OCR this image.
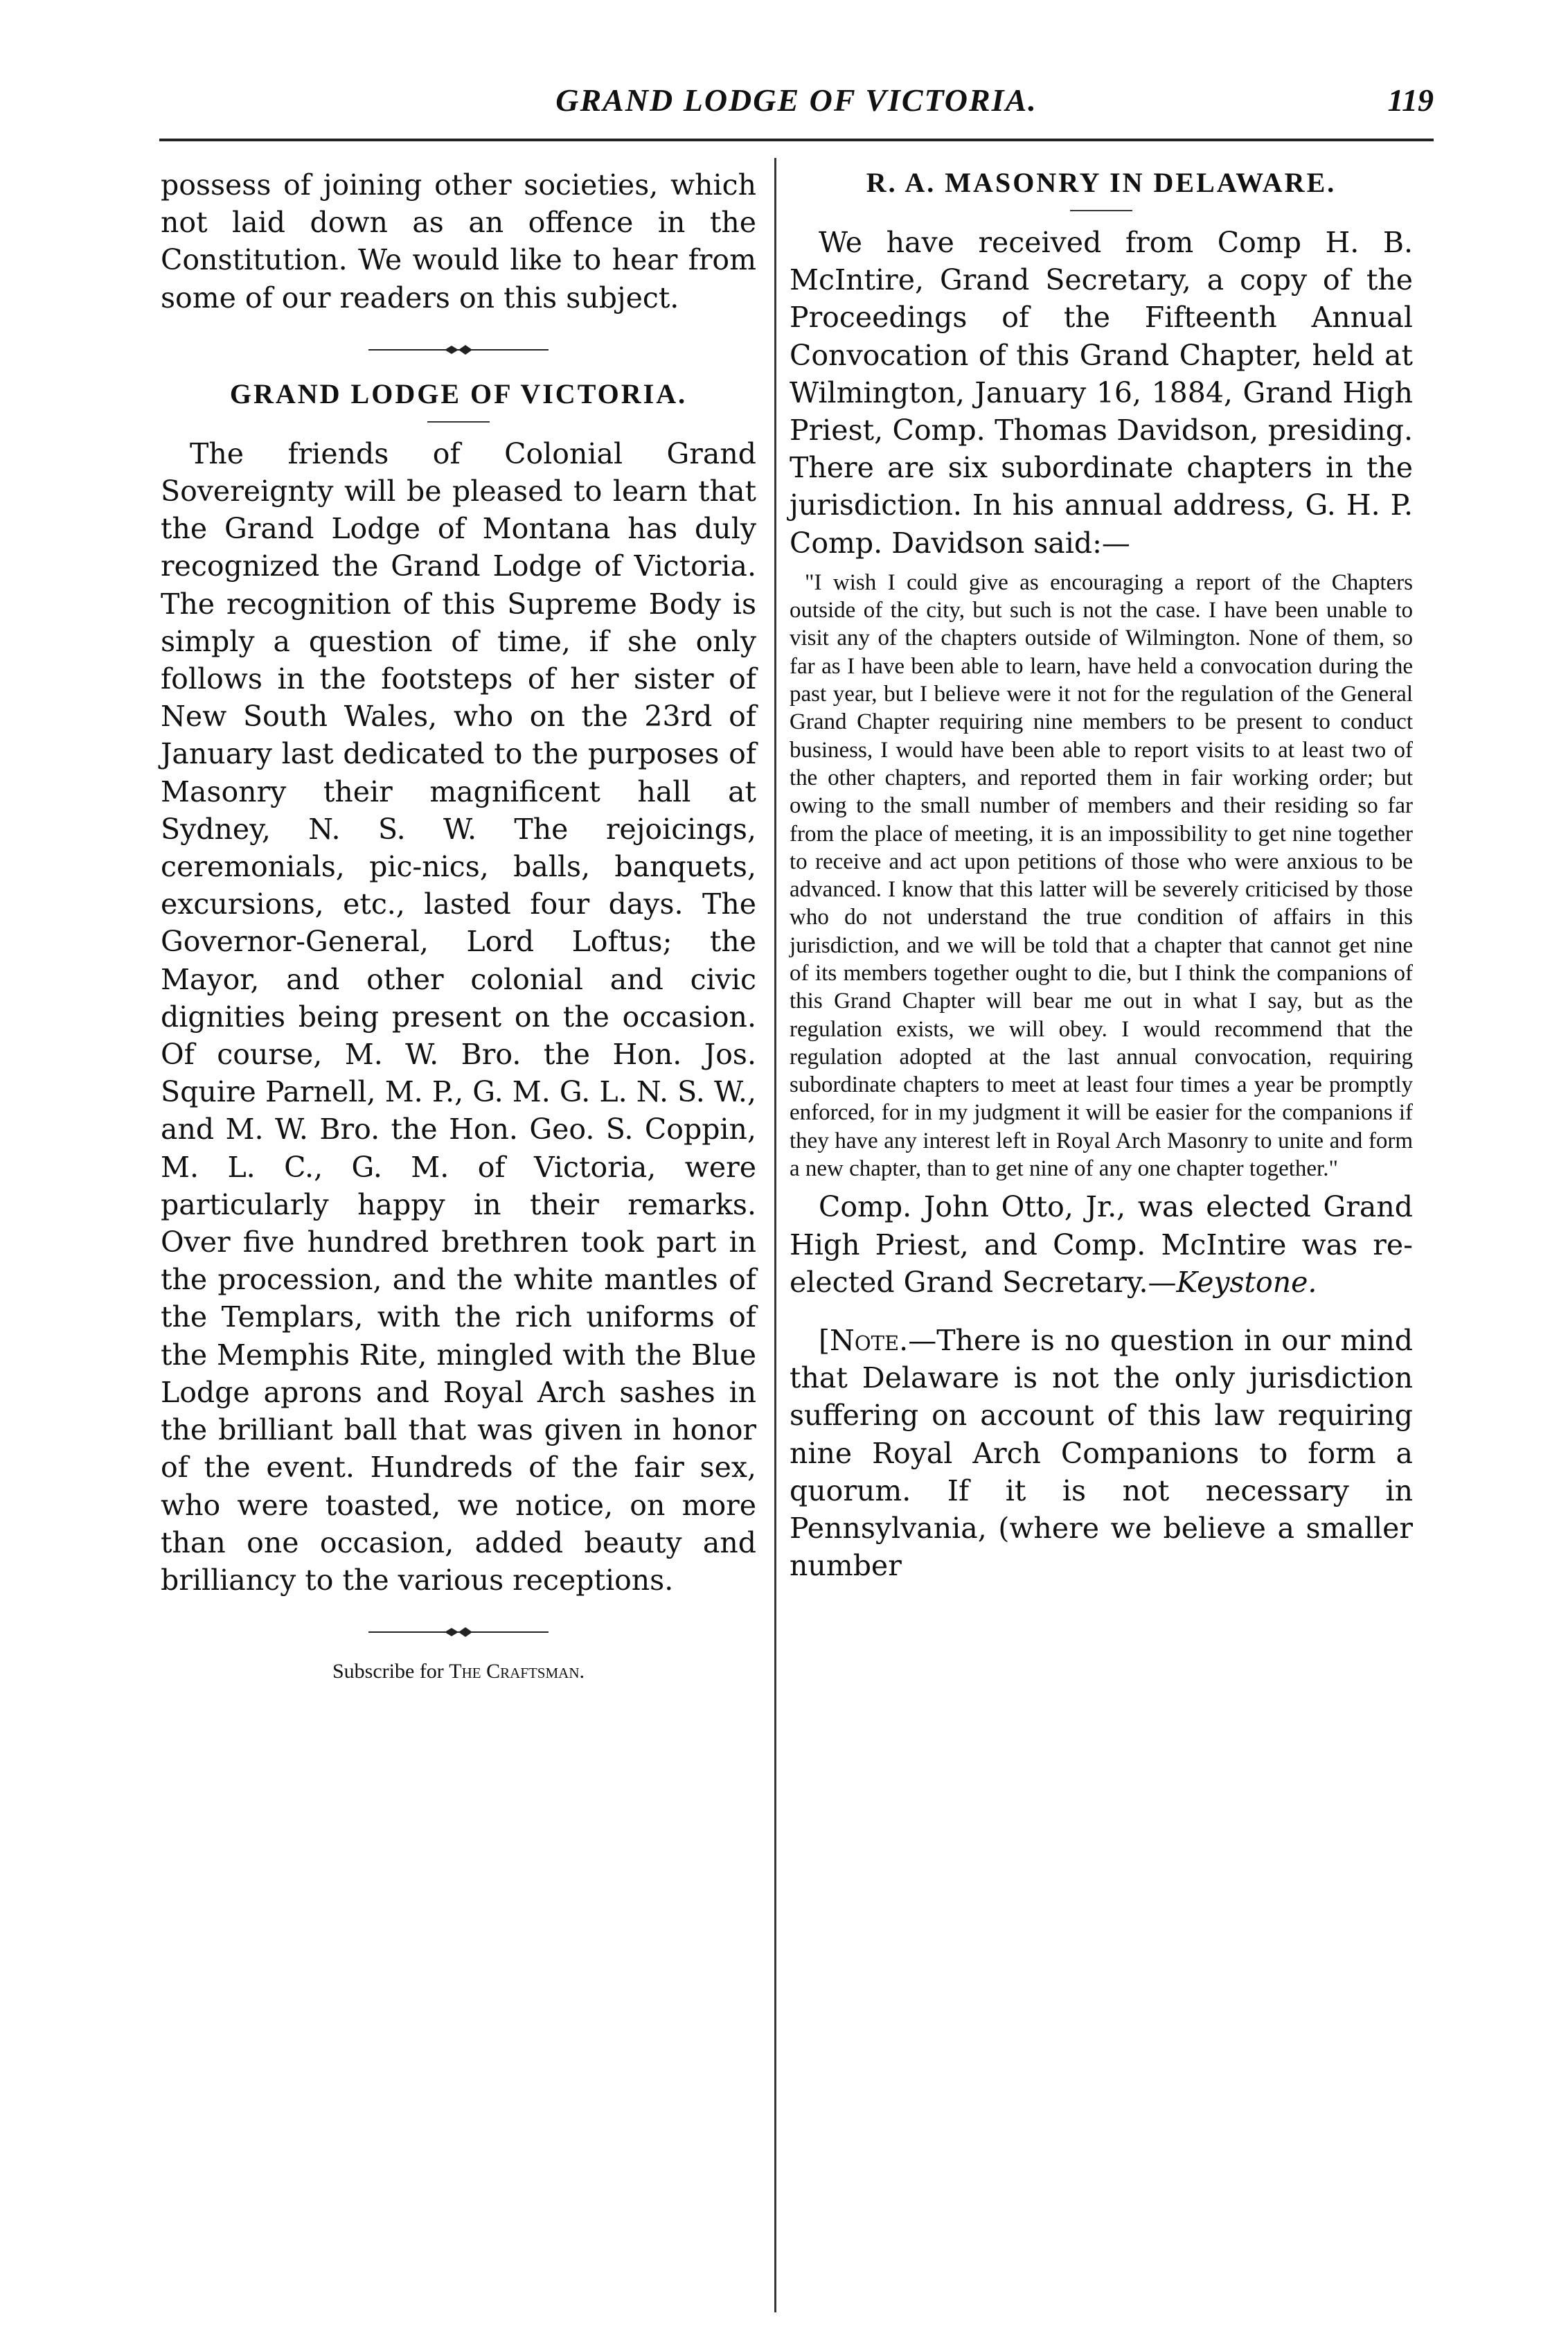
GRAND LODGE OF VICTORIA.	119

possess of joining other societies, which not laid down as an offence in the Constitution. We would like to hear from some of our readers on this subject.

GRAND LODGE OF VICTORIA.

The friends of Colonial Grand Sovereignty will be pleased to learn that the Grand Lodge of Montana has duly recognized the Grand Lodge of Victoria. The recognition of this Supreme Body is simply a question of time, if she only follows in the footsteps of her sister of New South Wales, who on the 23rd of January last dedicated to the purposes of Masonry their magnificent hall at Sydney, N. S. W. The rejoicings, ceremonials, pic-nics, balls, banquets, excursions, etc., lasted four days. The Governor-General, Lord Loftus; the Mayor, and other colonial and civic dignities being present on the occasion. Of course, M. W. Bro. the Hon. Jos. Squire Parnell, M. P., G. M. G. L. N. S. W., and M. W. Bro. the Hon. Geo. S. Coppin, M. L. C., G. M. of Victoria, were particularly happy in their remarks. Over five hundred brethren took part in the procession, and the white mantles of the Templars, with the rich uniforms of the Memphis Rite, mingled with the Blue Lodge aprons and Royal Arch sashes in the brilliant ball that was given in honor of the event. Hundreds of the fair sex, who were toasted, we notice, on more than one occasion, added beauty and brilliancy to the various receptions.

Subscribe for The Craftsman.

R. A. MASONRY IN DELAWARE.

We have received from Comp H. B. McIntire, Grand Secretary, a copy of the Proceedings of the Fifteenth Annual Convocation of this Grand Chapter, held at Wilmington, January 16, 1884, Grand High Priest, Comp. Thomas Davidson, presiding. There are six subordinate chapters in the jurisdiction. In his annual address, G. H. P. Comp. Davidson said:—

"I wish I could give as encouraging a report of the Chapters outside of the city, but such is not the case. I have been unable to visit any of the chapters outside of Wilmington. None of them, so far as I have been able to learn, have held a convocation during the past year, but I believe were it not for the regulation of the General Grand Chapter requiring nine members to be present to conduct business, I would have been able to report visits to at least two of the other chapters, and reported them in fair working order; but owing to the small number of members and their residing so far from the place of meeting, it is an impossibility to get nine together to receive and act upon petitions of those who were anxious to be advanced. I know that this latter will be severely criticised by those who do not understand the true condition of affairs in this jurisdiction, and we will be told that a chapter that cannot get nine of its members together ought to die, but I think the companions of this Grand Chapter will bear me out in what I say, but as the regulation exists, we will obey. I would recommend that the regulation adopted at the last annual convocation, requiring subordinate chapters to meet at least four times a year be promptly enforced, for in my judgment it will be easier for the companions if they have any interest left in Royal Arch Masonry to unite and form a new chapter, than to get nine of any one chapter together."

Comp. John Otto, Jr., was elected Grand High Priest, and Comp. McIntire was re-elected Grand Secretary.—Keystone.

[Note.—There is no question in our mind that Delaware is not the only jurisdiction suffering on account of this law requiring nine Royal Arch Companions to form a quorum. If it is not necessary in Pennsylvania, (where we believe a smaller number
